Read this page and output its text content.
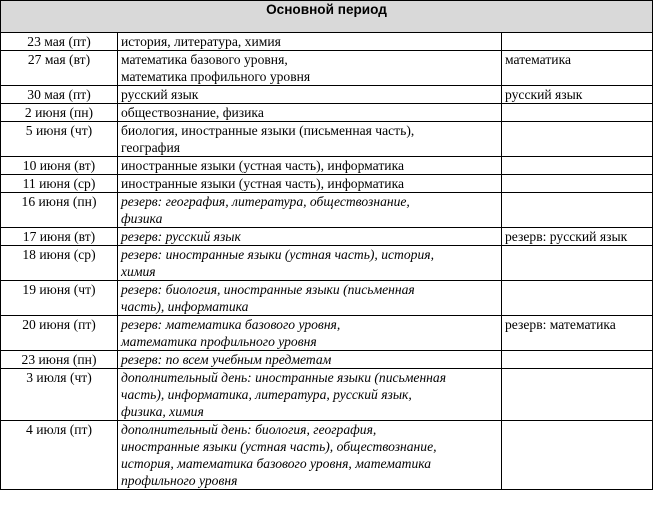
Основной период		
23 мая (пт)	история, литература, химия	
27 мая (вт)	математика базового уровня,
математика профильного уровня	математика
30 мая (пт)	русский язык	русский язык
2 июня (пн)	обществознание, физика	
5 июня (чт)	биология, иностранные языки (письменная часть),
география	
10 июня (вт)	иностранные языки (устная часть), информатика	
11 июня (ср)	иностранные языки (устная часть), информатика	
16 июня (пн)	резерв: география, литература, обществознание,
физика	
17 июня (вт)	резерв: русский язык	резерв: русский язык
18 июня (ср)	резерв: иностранные языки (устная часть), история,
химия	
19 июня (чт)	резерв: биология, иностранные языки (письменная
часть), информатика	
20 июня (пт)	резерв: математика базового уровня,
математика профильного уровня	резерв: математика
23 июня (пн)	резерв: по всем учебным предметам	
3 июля (чт)	дополнительный день: иностранные языки (письменная
часть), информатика, литература, русский язык,
физика, химия	
4 июля (пт)	дополнительный день: биология, география,
иностранные языки (устная часть), обществознание,
история, математика базового уровня, математика
профильного уровня	
